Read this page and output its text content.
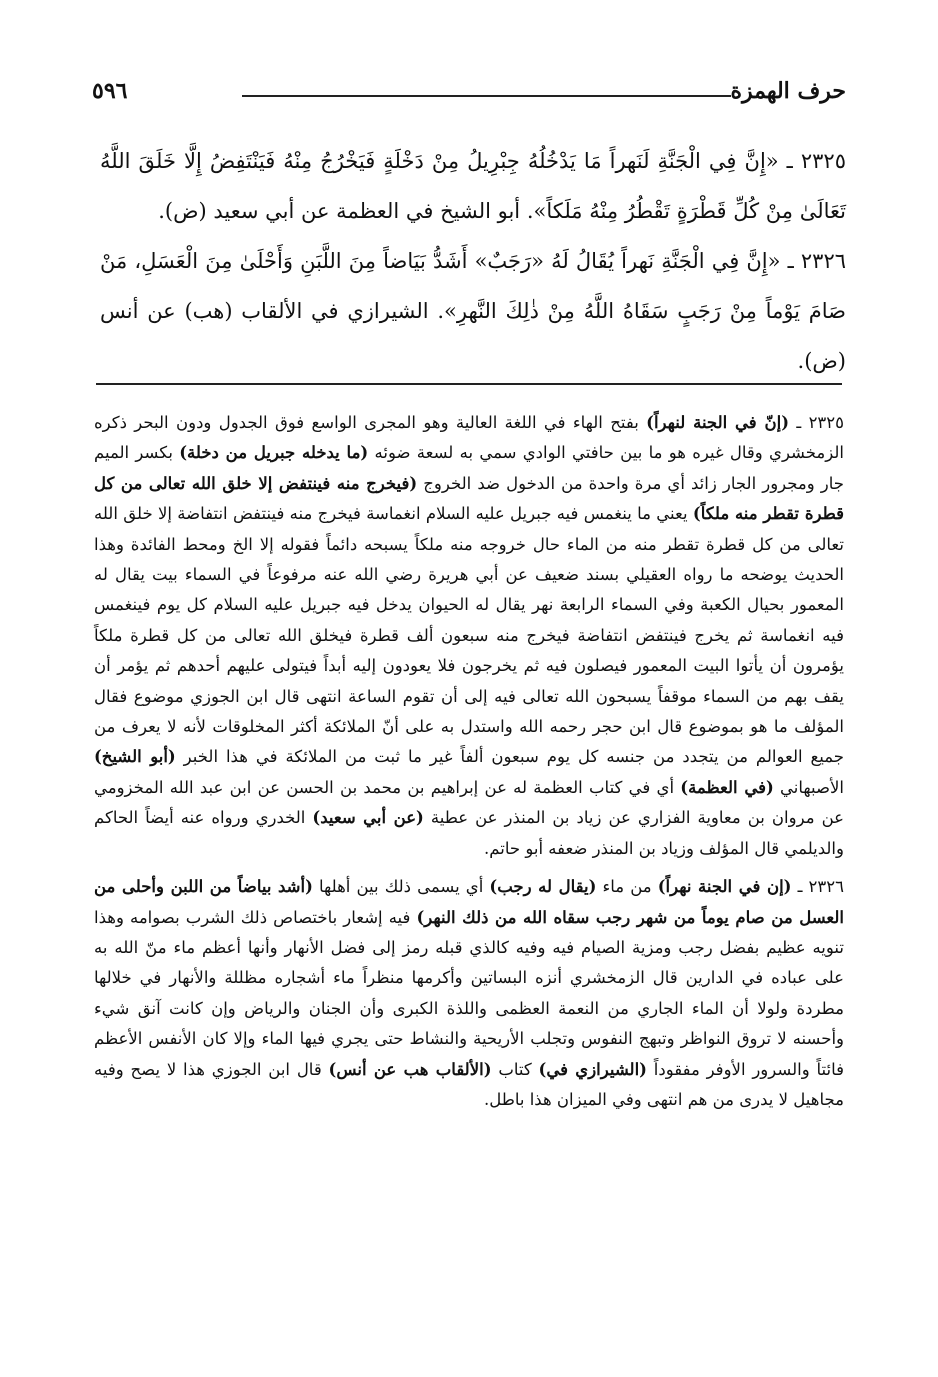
حرف الهمزة
٥٩٦

٢٣٢٥ ـ «إِنَّ فِي الْجَنَّةِ لَنَهراً مَا يَدْخُلُهُ جِبْرِيلُ مِنْ دَخْلَةٍ فَيَخْرُجُ مِنْهُ فَيَنْتَفِضُ إِلَّا خَلَقَ اللَّهُ تَعَالَىٰ مِنْ كُلِّ قَطْرَةٍ تَقْطُرُ مِنْهُ مَلَكاً». أبو الشيخ في العظمة عن أبي سعيد (ض).

٢٣٢٦ ـ «إِنَّ فِي الْجَنَّةِ نَهراً يُقَالُ لَهُ «رَجَبٌ» أَشَدُّ بَيَاضاً مِنَ اللَّبَنِ وَأَحْلَىٰ مِنَ الْعَسَلِ، مَنْ صَامَ يَوْماً مِنْ رَجَبٍ سَقَاهُ اللَّهُ مِنْ ذٰلِكَ النَّهرِ». الشيرازي في الألقاب (هب) عن أنس (ض).

٢٣٢٥ ـ (إنّ في الجنة لنهراً) بفتح الهاء في اللغة العالية وهو المجرى الواسع فوق الجدول ودون البحر ذكره الزمخشري وقال غيره هو ما بين حافتي الوادي سمي به لسعة ضوئه (ما يدخله جبريل من دخلة) بكسر الميم جار ومجرور الجار زائد أي مرة واحدة من الدخول ضد الخروج (فيخرج منه فينتفض إلا خلق الله تعالى من كل قطرة تقطر منه ملكاً) يعني ما ينغمس فيه جبريل عليه السلام انغماسة فيخرج منه فينتفض انتفاضة إلا خلق الله تعالى من كل قطرة تقطر منه من الماء حال خروجه منه ملكاً يسبحه دائماً فقوله إلا الخ ومحط الفائدة وهذا الحديث يوضحه ما رواه العقيلي بسند ضعيف عن أبي هريرة رضي الله عنه مرفوعاً في السماء بيت يقال له المعمور بحيال الكعبة وفي السماء الرابعة نهر يقال له الحيوان يدخل فيه جبريل عليه السلام كل يوم فينغمس فيه انغماسة ثم يخرج فينتفض انتفاضة فيخرج منه سبعون ألف قطرة فيخلق الله تعالى من كل قطرة ملكاً يؤمرون أن يأتوا البيت المعمور فيصلون فيه ثم يخرجون فلا يعودون إليه أبداً فيتولى عليهم أحدهم ثم يؤمر أن يقف بهم من السماء موقفاً يسبحون الله تعالى فيه إلى أن تقوم الساعة انتهى قال ابن الجوزي موضوع فقال المؤلف ما هو بموضوع قال ابن حجر رحمه الله واستدل به على أنّ الملائكة أكثر المخلوقات لأنه لا يعرف من جميع العوالم من يتجدد من جنسه كل يوم سبعون ألفاً غير ما ثبت من الملائكة في هذا الخبر (أبو الشيخ) الأصبهاني (في العظمة) أي في كتاب العظمة له عن إبراهيم بن محمد بن الحسن عن ابن عبد الله المخزومي عن مروان بن معاوية الفزاري عن زياد بن المنذر عن عطية (عن أبي سعيد) الخدري ورواه عنه أيضاً الحاكم والديلمي قال المؤلف وزياد بن المنذر ضعفه أبو حاتم.

٢٣٢٦ ـ (إن في الجنة نهراً) من ماء (يقال له رجب) أي يسمى ذلك بين أهلها (أشد بياضاً من اللبن وأحلى من العسل من صام يوماً من شهر رجب سقاه الله من ذلك النهر) فيه إشعار باختصاص ذلك الشرب بصوامه وهذا تنويه عظيم بفضل رجب ومزية الصيام فيه وفيه كالذي قبله رمز إلى فضل الأنهار وأنها أعظم ماء منّ الله به على عباده في الدارين قال الزمخشري أنزه البساتين وأكرمها منظراً ماء أشجاره مظللة والأنهار في خلالها مطردة ولولا أن الماء الجاري من النعمة العظمى واللذة الكبرى وأن الجنان والرياض وإن كانت آنق شيء وأحسنه لا تروق النواظر وتبهج النفوس وتجلب الأريحية والنشاط حتى يجري فيها الماء وإلا كان الأنفس الأعظم فائتاً والسرور الأوفر مفقوداً (الشيرازي في) كتاب (الألقاب هب عن أنس) قال ابن الجوزي هذا لا يصح وفيه مجاهيل لا يدرى من هم انتهى وفي الميزان هذا باطل.
